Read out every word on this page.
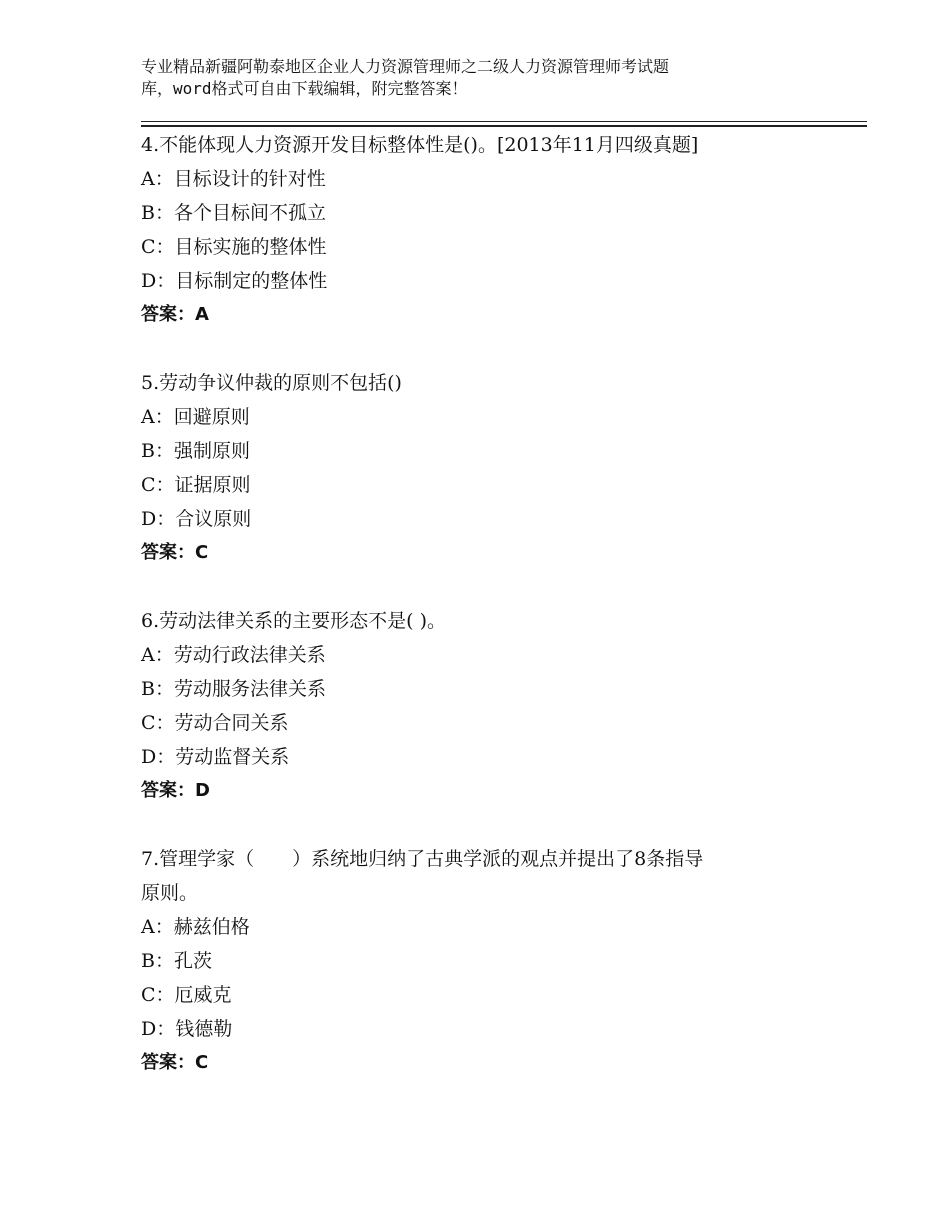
专业精品新疆阿勒泰地区企业人力资源管理师之二级人力资源管理师考试题
库，word格式可自由下载编辑，附完整答案！
4.不能体现人力资源开发目标整体性是()。[2013年11月四级真题]
A：目标设计的针对性
B：各个目标间不孤立
C：目标实施的整体性
D：目标制定的整体性
答案：A
5.劳动争议仲裁的原则不包括()
A：回避原则
B：强制原则
C：证据原则
D：合议原则
答案：C
6.劳动法律关系的主要形态不是( )。
A：劳动行政法律关系
B：劳动服务法律关系
C：劳动合同关系
D：劳动监督关系
答案：D
7.管理学家（　　）系统地归纳了古典学派的观点并提出了8条指导
原则。
A：赫兹伯格
B：孔茨
C：厄威克
D：钱德勒
答案：C
